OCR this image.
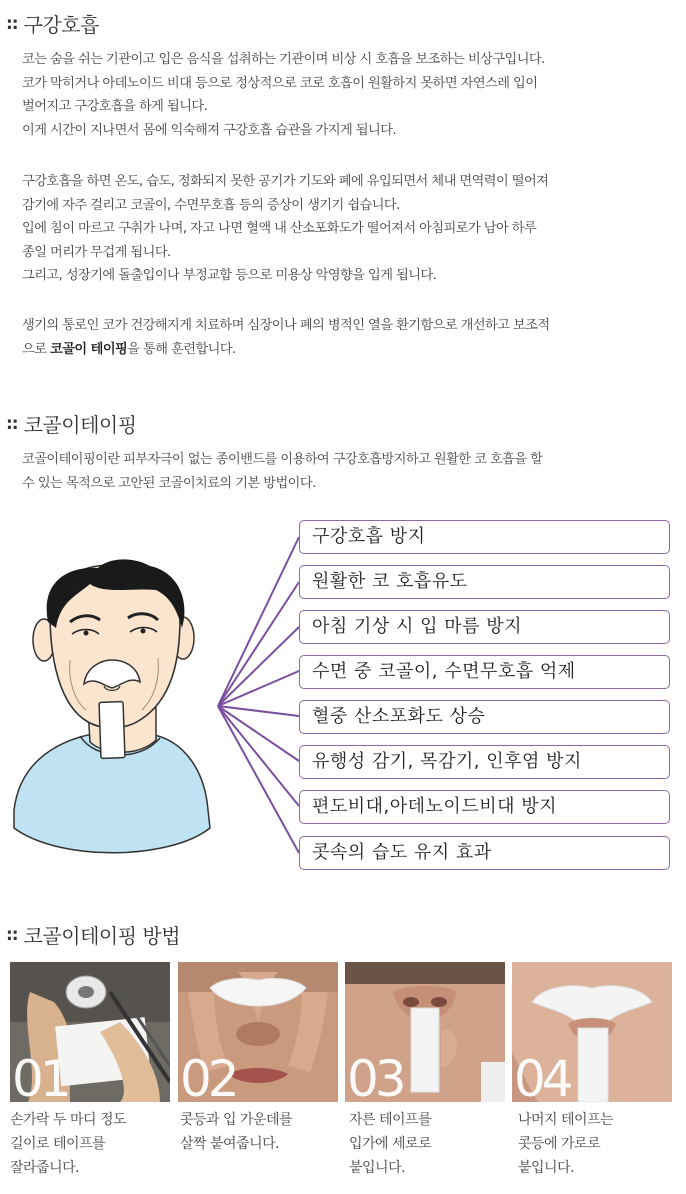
:: 구강호흡

코는 숨을 쉬는 기관이고 입은 음식을 섭취하는 기관이며 비상 시 호흡을 보조하는 비상구입니다.

코가 막히거나 아데노이드 비대 등으로 정상적으로 코로 호흡이 원활하지 못하면 자연스레 입이

벌어지고 구강호흡을 하게 됩니다.

이게 시간이 지나면서 몸에 익숙해져 구강호흡 습관을 가지게 됩니다.

구강호흡을 하면 온도, 습도, 정화되지 못한 공기가 기도와 폐에 유입되면서 체내 면역력이 떨어져

감기에 자주 걸리고 코골이, 수면무호흡 등의 증상이 생기기 쉽습니다.

입에 침이 마르고 구취가 나며, 자고 나면 혈액 내 산소포화도가 떨어져서 아침피로가 남아 하루

종일 머리가 무겁게 됩니다.

그리고, 성장기에 돌출입이나 부정교합 등으로 미용상 악영향을 입게 됩니다.

생기의 통로인 코가 건강해지게 치료하며 심장이나 폐의 병적인 열을 환기함으로 개선하고 보조적

으로 코골이 테이핑을 통해 훈련합니다.

:: 코골이테이핑

코골이테이핑이란 피부자극이 없는 종이밴드를 이용하여 구강호흡방지하고 원활한 코 호흡을 할

수 있는 목적으로 고안된 코골이치료의 기본 방법이다.

구강호흡 방지
원활한 코 호흡유도
아침 기상 시 입 마름 방지
수면 중 코골이, 수면무호흡 억제
혈중 산소포화도 상승
유행성 감기, 목감기, 인후염 방지
편도비대,아데노이드비대 방지
콧속의 습도 유지 효과
:: 코골이테이핑 방법
01 02 03 04

손가락 두 마디 정도

길이로 테이프를

잘라줍니다.

콧등과 입 가운데를

살짝 붙여줍니다.

자른 테이프를

입가에 세로로

붙입니다.

나머지 테이프는

콧등에 가로로

붙입니다.
